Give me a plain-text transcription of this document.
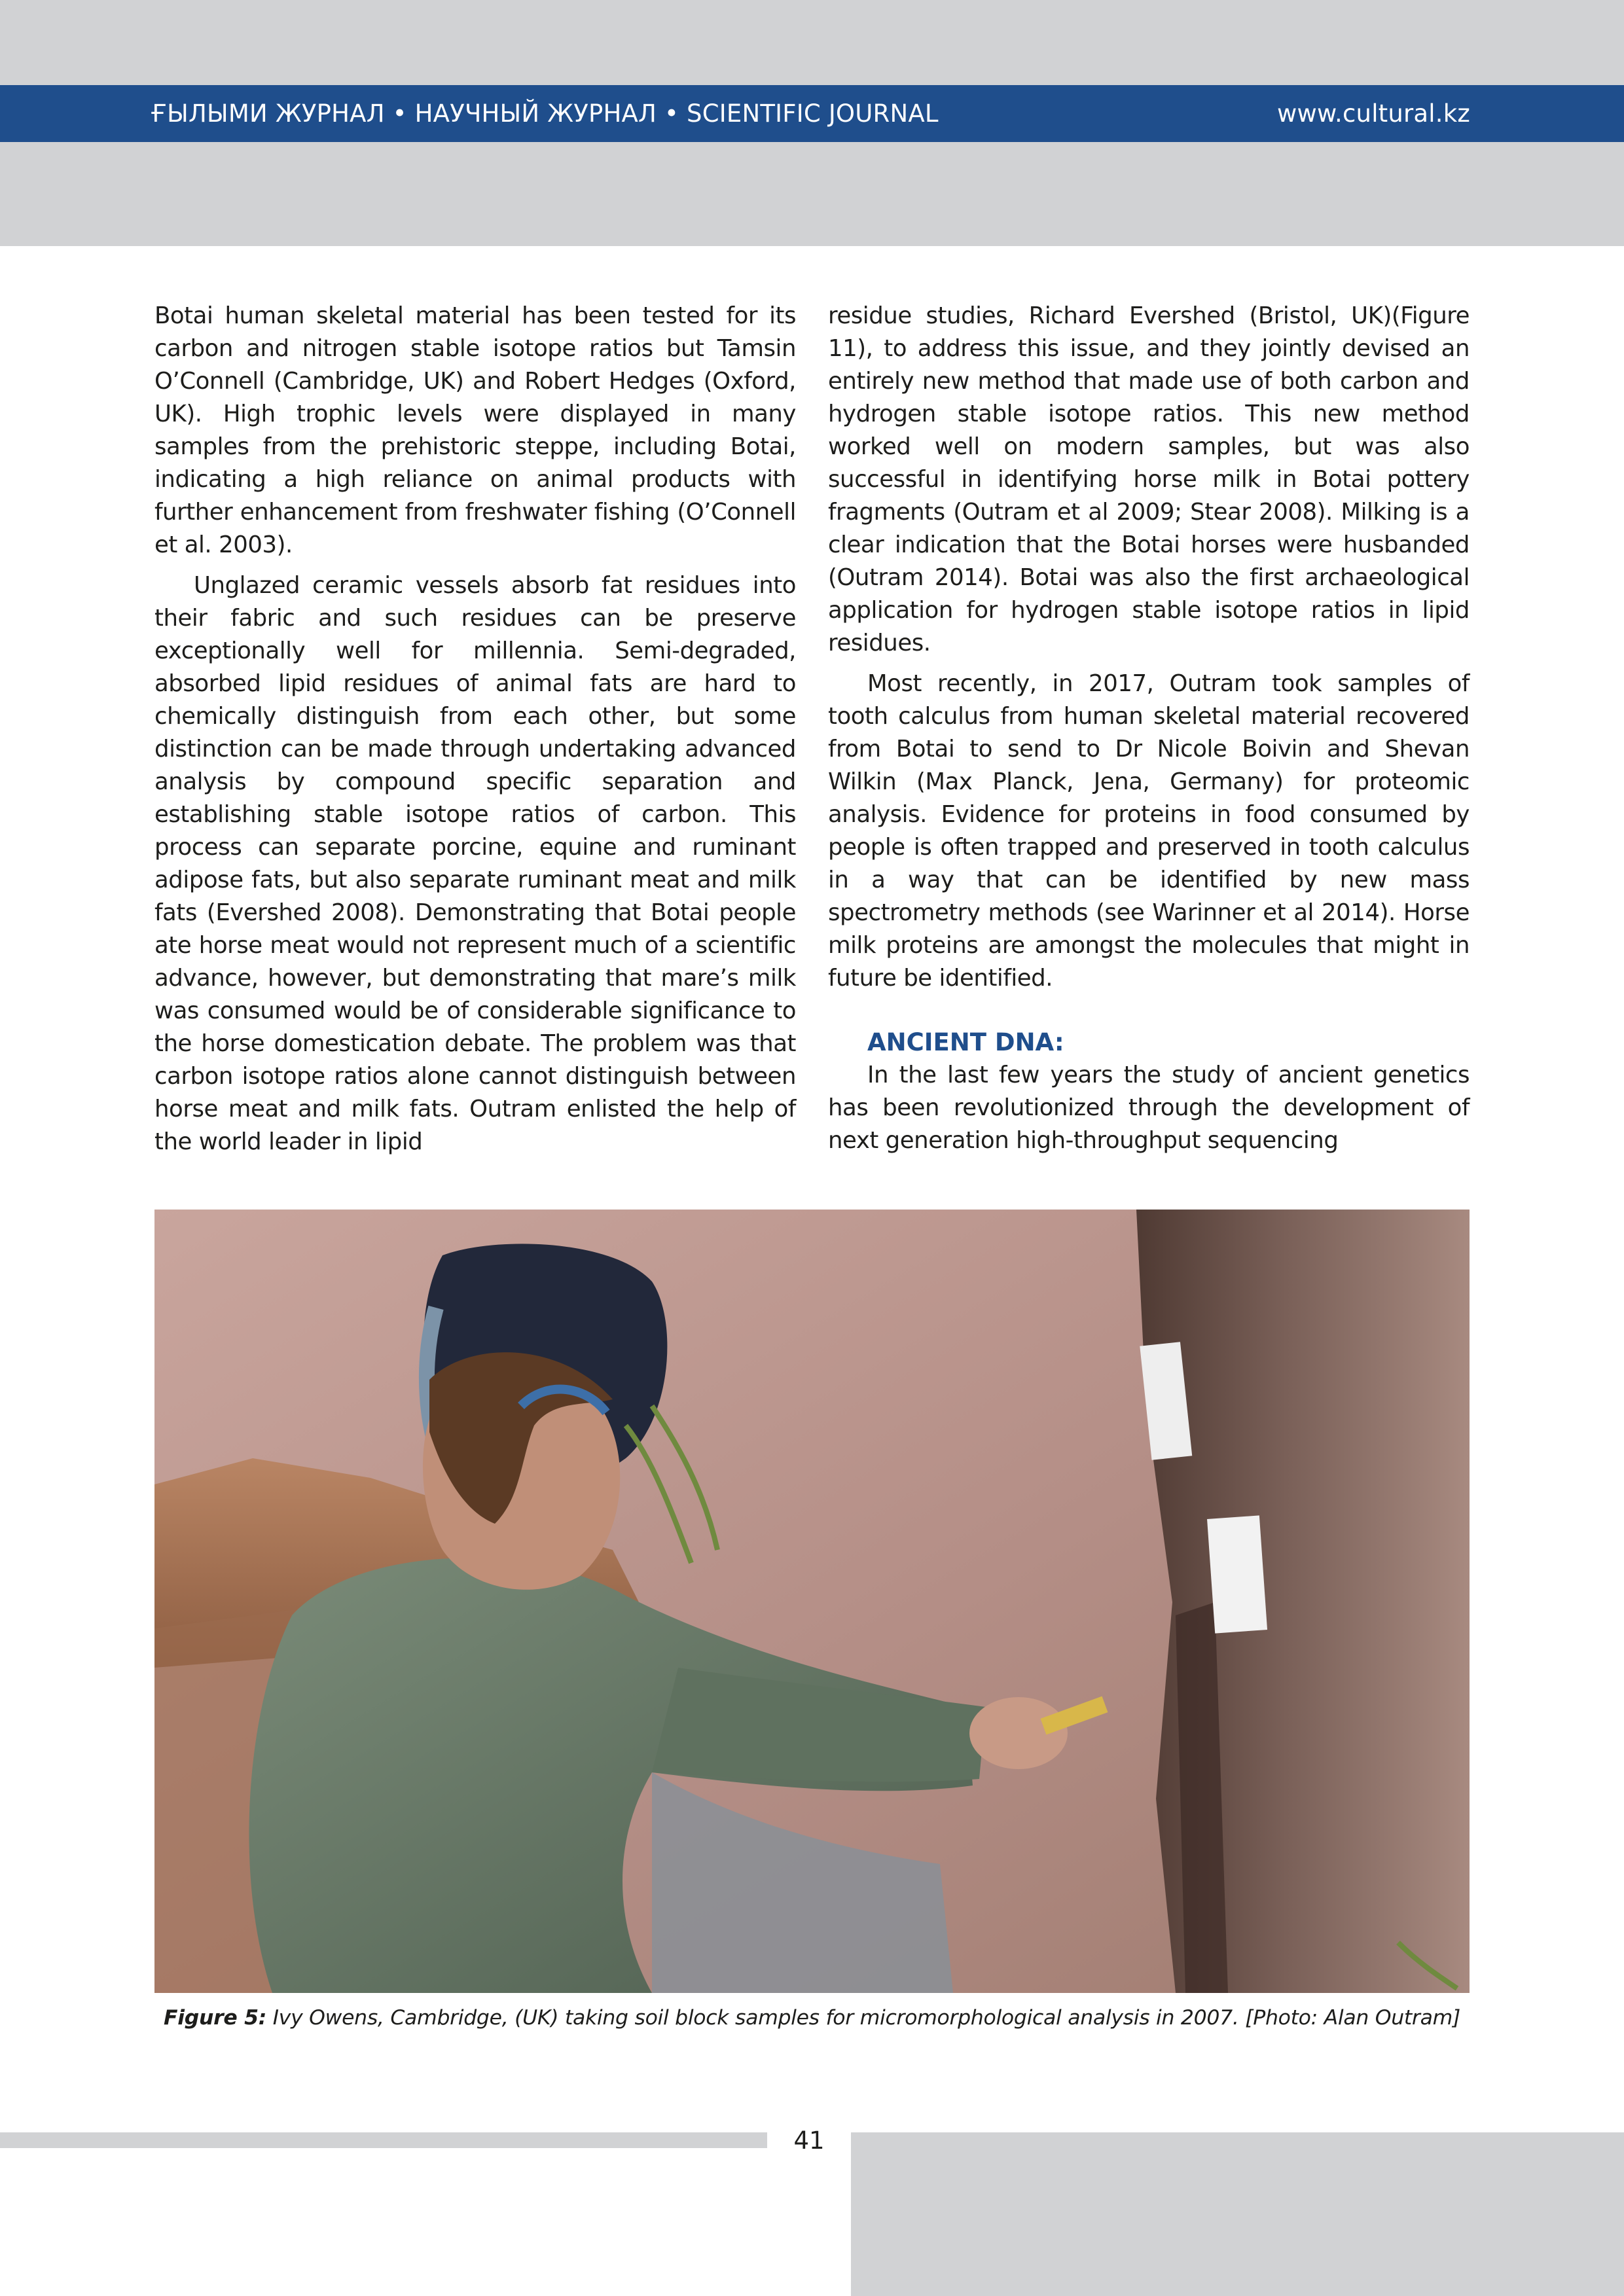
ҒЫЛЫМИ ЖУРНАЛ • НАУЧНЫЙ ЖУРНАЛ • SCIENTIFIC JOURNAL	www.cultural.kz

Botai human skeletal material has been tested for its carbon and nitrogen stable isotope ratios but Tamsin O’Connell (Cambridge, UK) and Robert Hedges (Oxford, UK). High trophic levels were displayed in many samples from the prehistoric steppe, including Botai, indicating a high reliance on animal products with further enhancement from freshwater fishing (O’Connell et al. 2003).

Unglazed ceramic vessels absorb fat residues into their fabric and such residues can be preserve exceptionally well for millennia. Semi-degraded, absorbed lipid residues of animal fats are hard to chemically distinguish from each other, but some distinction can be made through undertaking advanced analysis by compound specific separation and establishing stable isotope ratios of carbon. This process can separate porcine, equine and ruminant adipose fats, but also separate ruminant meat and milk fats (Evershed 2008). Demonstrating that Botai people ate horse meat would not represent much of a scientific advance, however, but demonstrating that mare’s milk was consumed would be of considerable significance to the horse domestication debate. The problem was that carbon isotope ratios alone cannot distinguish between horse meat and milk fats. Outram enlisted the help of the world leader in lipid

residue studies, Richard Evershed (Bristol, UK)(Figure 11), to address this issue, and they jointly devised an entirely new method that made use of both carbon and hydrogen stable isotope ratios. This new method worked well on modern samples, but was also successful in identifying horse milk in Botai pottery fragments (Outram et al 2009; Stear 2008). Milking is a clear indication that the Botai horses were husbanded (Outram 2014). Botai was also the first archaeological application for hydrogen stable isotope ratios in lipid residues.

Most recently, in 2017, Outram took samples of tooth calculus from human skeletal material recovered from Botai to send to Dr Nicole Boivin and Shevan Wilkin (Max Planck, Jena, Germany) for proteomic analysis. Evidence for proteins in food consumed by people is often trapped and preserved in tooth calculus in a way that can be identified by new mass spectrometry methods (see Warinner et al 2014). Horse milk proteins are amongst the molecules that might in future be identified.

ANCIENT DNA:

In the last few years the study of ancient genetics has been revolutionized through the development of next generation high-throughput sequencing

Figure 5: Ivy Owens, Cambridge, (UK) taking soil block samples for micromorphological analysis in 2007. [Photo: Alan Outram]
41
